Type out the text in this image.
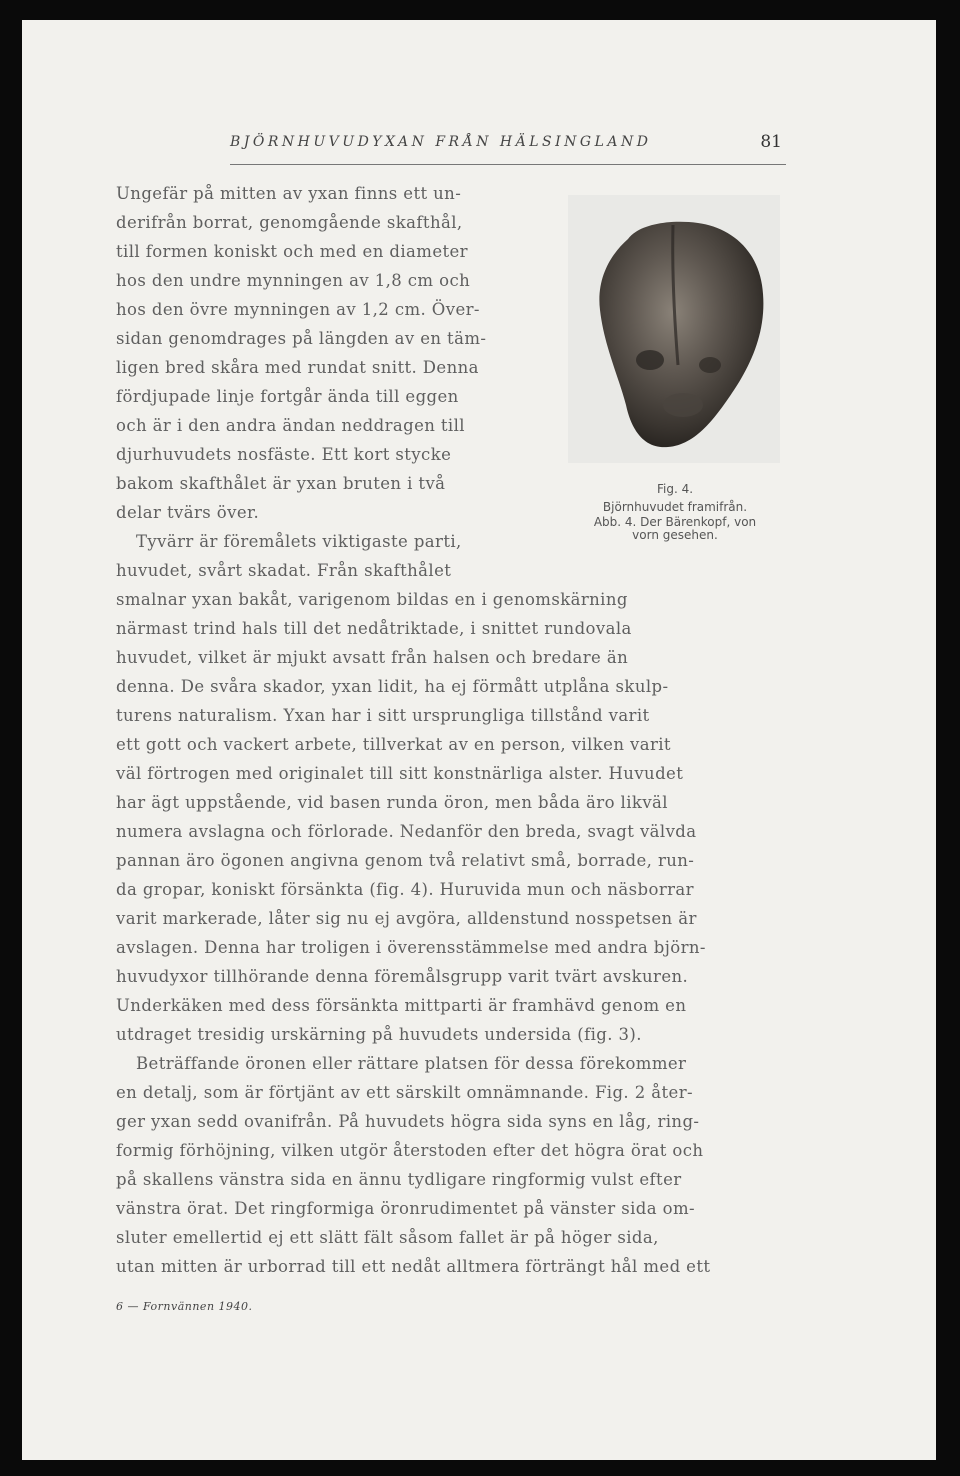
BJÖRNHUVUDYXAN FRÅN HÄLSINGLAND	81
Fig. 4.
Björnhuvudet framifrån.
Abb. 4. Der Bärenkopf, von
vorn gesehen.
Ungefär på mitten av yxan finns ett un-
derifrån borrat, genomgående skafthål,
till formen koniskt och med en diameter
hos den undre mynningen av 1,8 cm och
hos den övre mynningen av 1,2 cm. Över-
sidan genomdrages på längden av en täm-
ligen bred skåra med rundat snitt. Denna
fördjupade linje fortgår ända till eggen
och är i den andra ändan neddragen till
djurhuvudets nosfäste. Ett kort stycke
bakom skafthålet är yxan bruten i två
delar tvärs över.
Tyvärr är föremålets viktigaste parti,
huvudet, svårt skadat. Från skafthålet
smalnar yxan bakåt, varigenom bildas en i genomskärning
närmast trind hals till det nedåtriktade, i snittet rundovala
huvudet, vilket är mjukt avsatt från halsen och bredare än
denna. De svåra skador, yxan lidit, ha ej förmått utplåna skulp-
turens naturalism. Yxan har i sitt ursprungliga tillstånd varit
ett gott och vackert arbete, tillverkat av en person, vilken varit
väl förtrogen med originalet till sitt konstnärliga alster. Huvudet
har ägt uppstående, vid basen runda öron, men båda äro likväl
numera avslagna och förlorade. Nedanför den breda, svagt välvda
pannan äro ögonen angivna genom två relativt små, borrade, run-
da gropar, koniskt försänkta (fig. 4). Huruvida mun och näsborrar
varit markerade, låter sig nu ej avgöra, alldenstund nosspetsen är
avslagen. Denna har troligen i överensstämmelse med andra björn-
huvudyxor tillhörande denna föremålsgrupp varit tvärt avskuren.
Underkäken med dess försänkta mittparti är framhävd genom en
utdraget tresidig urskärning på huvudets undersida (fig. 3).
Beträffande öronen eller rättare platsen för dessa förekommer
en detalj, som är förtjänt av ett särskilt omnämnande. Fig. 2 åter-
ger yxan sedd ovanifrån. På huvudets högra sida syns en låg, ring-
formig förhöjning, vilken utgör återstoden efter det högra örat och
på skallens vänstra sida en ännu tydligare ringformig vulst efter
vänstra örat. Det ringformiga öronrudimentet på vänster sida om-
sluter emellertid ej ett slätt fält såsom fallet är på höger sida,
utan mitten är urborrad till ett nedåt alltmera förträngt hål med ett
6 — Fornvännen 1940.
